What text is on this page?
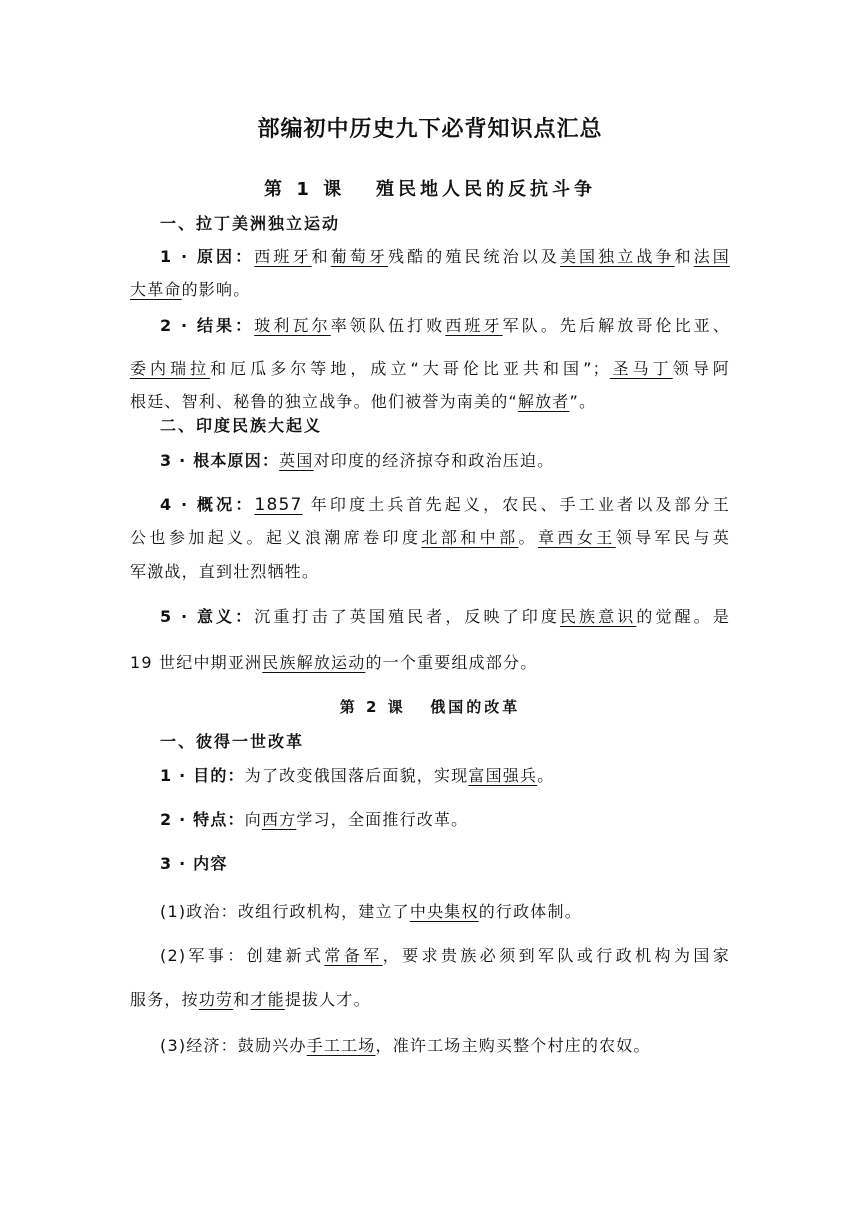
部编初中历史九下必背知识点汇总
第 1 课 殖民地人民的反抗斗争
一、拉丁美洲独立运动
1 · 原因：西班牙和葡萄牙残酷的殖民统治以及美国独立战争和法国
大革命的影响。
2 · 结果：玻利瓦尔率领队伍打败西班牙军队。先后解放哥伦比亚、
委内瑞拉和厄瓜多尔等地，成立“大哥伦比亚共和国”；圣马丁领导阿
根廷、智利、秘鲁的独立战争。他们被誉为南美的“解放者”。
二、印度民族大起义
3 · 根本原因：英国对印度的经济掠夺和政治压迫。
4 · 概况：1857 年印度土兵首先起义，农民、手工业者以及部分王
公也参加起义。起义浪潮席卷印度北部和中部。章西女王领导军民与英
军激战，直到壮烈牺牲。
5 · 意义：沉重打击了英国殖民者，反映了印度民族意识的觉醒。是
19 世纪中期亚洲民族解放运动的一个重要组成部分。
第 2 课 俄国的改革
一、彼得一世改革
1 · 目的：为了改变俄国落后面貌，实现富国强兵。
2 · 特点：向西方学习，全面推行改革。
3 · 内容
(1)政治：改组行政机构，建立了中央集权的行政体制。
(2)军事：创建新式常备军，要求贵族必须到军队或行政机构为国家
服务，按功劳和才能提拔人才。
(3)经济：鼓励兴办手工工场，准许工场主购买整个村庄的农奴。
